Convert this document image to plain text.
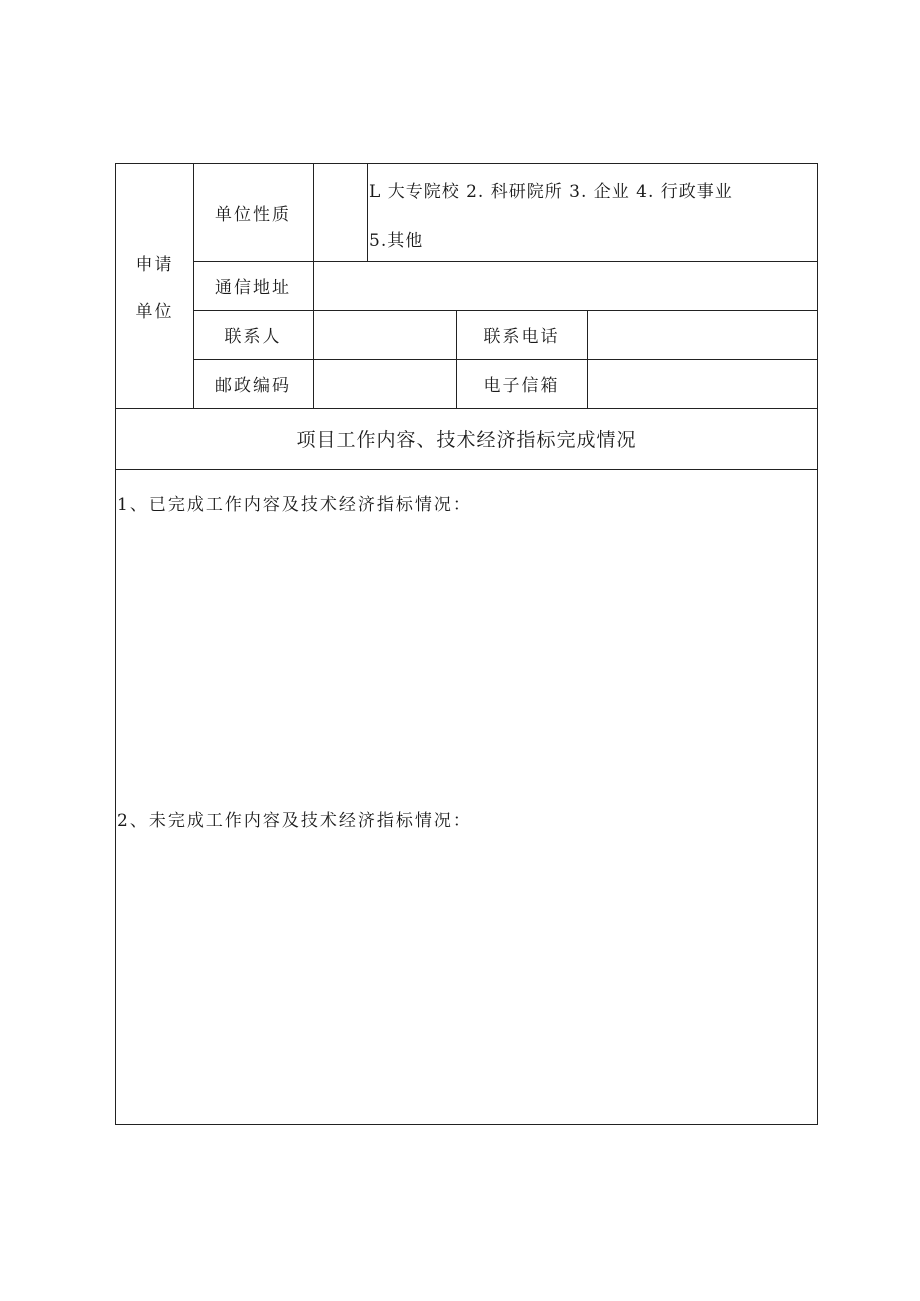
申请
单位
单位性质
L 大专院校 2. 科研院所 3. 企业 4. 行政事业
5.其他
通信地址
联系人	联系电话
邮政编码	电子信箱
项目工作内容、技术经济指标完成情况
1、已完成工作内容及技术经济指标情况：
2、未完成工作内容及技术经济指标情况：
